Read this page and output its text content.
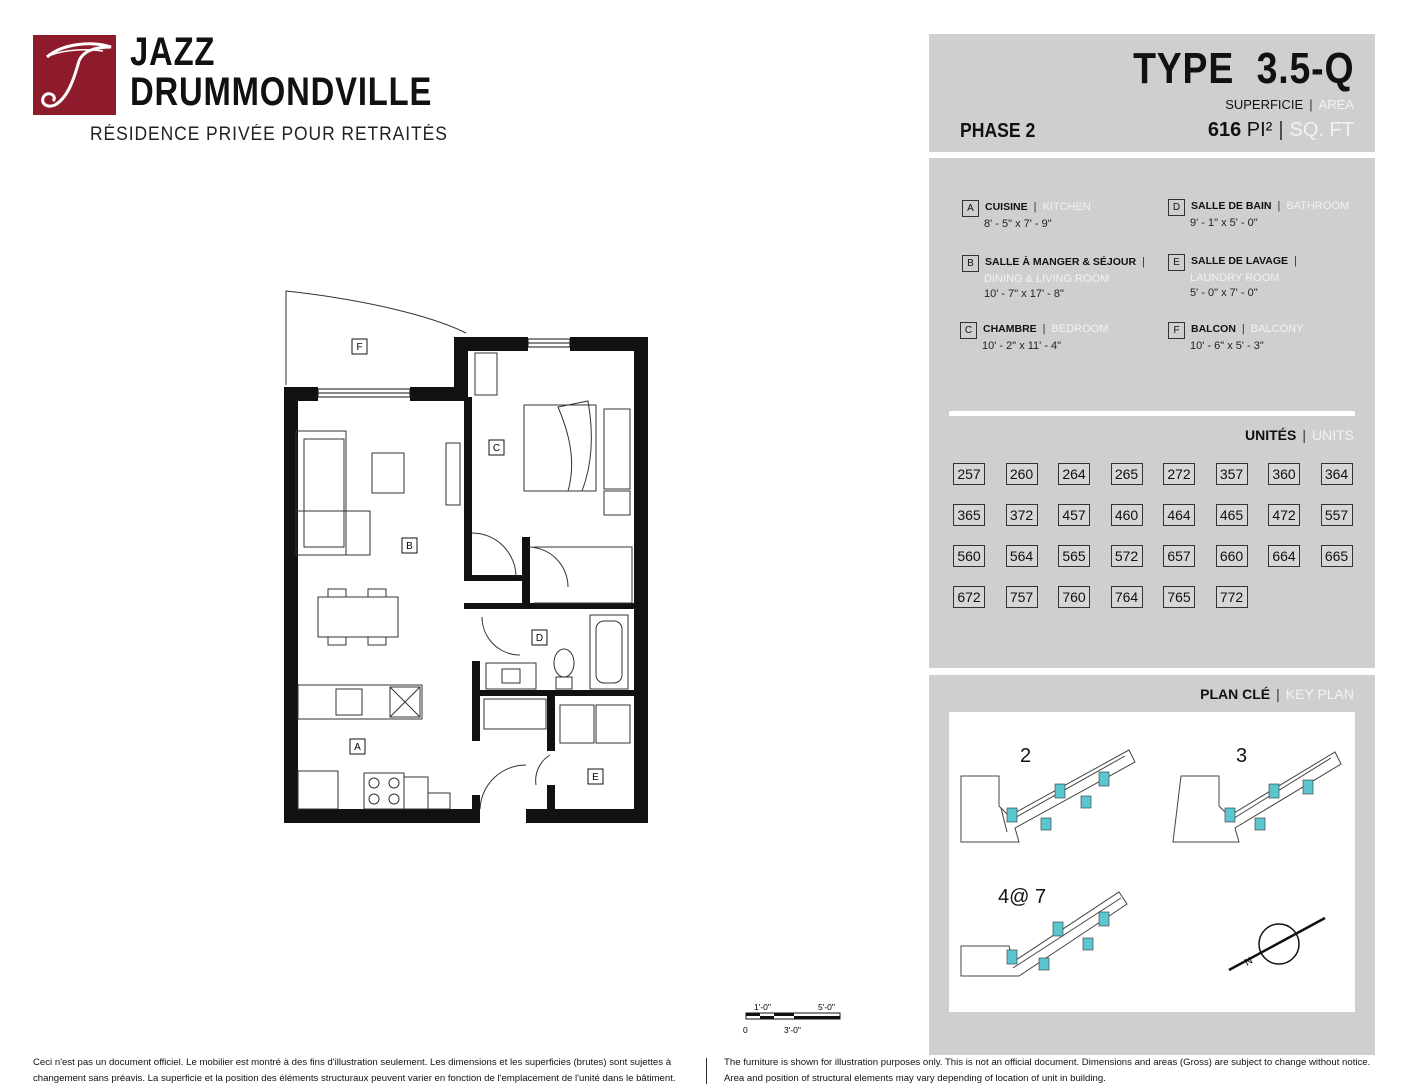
JAZZ
DRUMMONDVILLE
RÉSIDENCE PRIVÉE POUR RETRAITÉS
A
B
C
D
E
F
1'-0"	5'-0"
0	3'-0"
TYPE 3.5-Q
SUPERFICIE | AREA
PHASE 2	616 PI² | SQ. FT
A CUISINE | KITCHEN
8' - 5" x 7' - 9"
B SALLE À MANGER & SÉJOUR |
DINING & LIVING ROOM
10' - 7" x 17' - 8"
C CHAMBRE | BEDROOM
10' - 2" x 11' - 4"
D SALLE DE BAIN | BATHROOM
9' - 1" x 5' - 0"
E SALLE DE LAVAGE |
LAUNDRY ROOM
5' - 0" x 7' - 0"
F BALCON | BALCONY
10' - 6" x 5' - 3"
UNITÉS | UNITS
257	260	264	265	272	357	360	364
365	372	457	460	464	465	472	557
560	564	565	572	657	660	664	665
672	757	760	764	765	772
PLAN CLÉ | KEY PLAN
N
2	3
4@ 7
Ceci n'est pas un document officiel. Le mobilier est montré à des fins d'illustration seulement. Les dimensions et les superficies (brutes) sont sujettes à
changement sans préavis. La superficie et la position des éléments structuraux peuvent varier en fonction de l'emplacement de l'unité dans le bâtiment.
The furniture is shown for illustration purposes only. This is not an official document. Dimensions and areas (Gross) are subject to change without notice.
Area and position of structural elements may vary depending of location of unit in building.
